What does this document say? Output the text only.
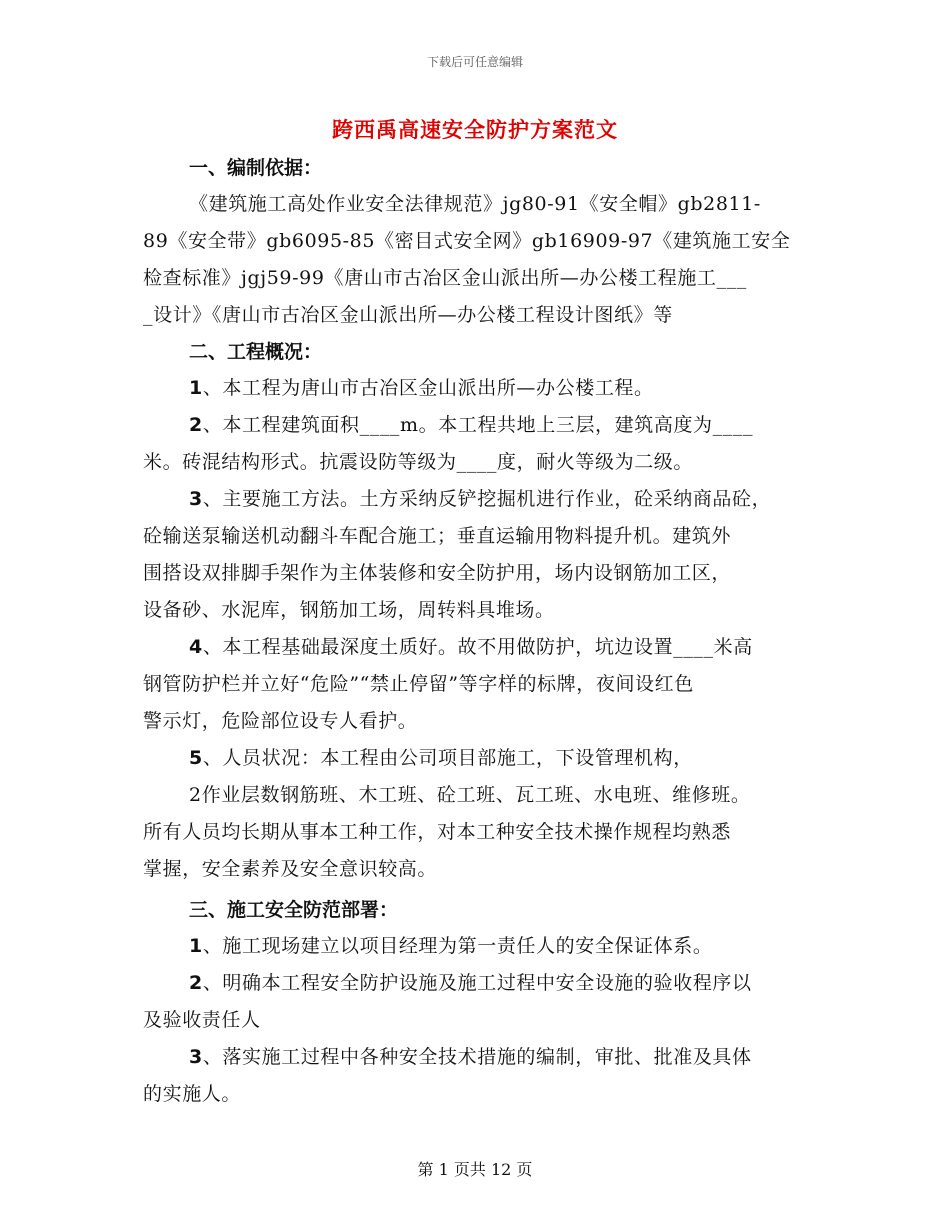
下载后可任意编辑
跨西禹高速安全防护方案范文
一、编制依据：
《建筑施工高处作业安全法律规范》jg80-91《安全帽》gb2811-
89《安全带》gb6095-85《密目式安全网》gb16909-97《建筑施工安全
检查标准》jgj59-99《唐山市古冶区金山派出所—办公楼工程施工___
_设计》《唐山市古冶区金山派出所—办公楼工程设计图纸》等
二、工程概况：
1、本工程为唐山市古冶区金山派出所—办公楼工程。
2、本工程建筑面积____m。本工程共地上三层，建筑高度为____
米。砖混结构形式。抗震设防等级为____度，耐火等级为二级。
3、主要施工方法。土方采纳反铲挖掘机进行作业，砼采纳商品砼，
砼输送泵输送机动翻斗车配合施工；垂直运输用物料提升机。建筑外
围搭设双排脚手架作为主体装修和安全防护用，场内设钢筋加工区，
设备砂、水泥库，钢筋加工场，周转料具堆场。
4、本工程基础最深度土质好。故不用做防护，坑边设置____米高
钢管防护栏并立好“危险”“禁止停留”等字样的标牌，夜间设红色
警示灯，危险部位设专人看护。
5、人员状况：本工程由公司项目部施工，下设管理机构，
2作业层数钢筋班、木工班、砼工班、瓦工班、水电班、维修班。
所有人员均长期从事本工种工作，对本工种安全技术操作规程均熟悉
掌握，安全素养及安全意识较高。
三、施工安全防范部署：
1、施工现场建立以项目经理为第一责任人的安全保证体系。
2、明确本工程安全防护设施及施工过程中安全设施的验收程序以
及验收责任人
3、落实施工过程中各种安全技术措施的编制，审批、批准及具体
的实施人。
第 1 页共 12 页
